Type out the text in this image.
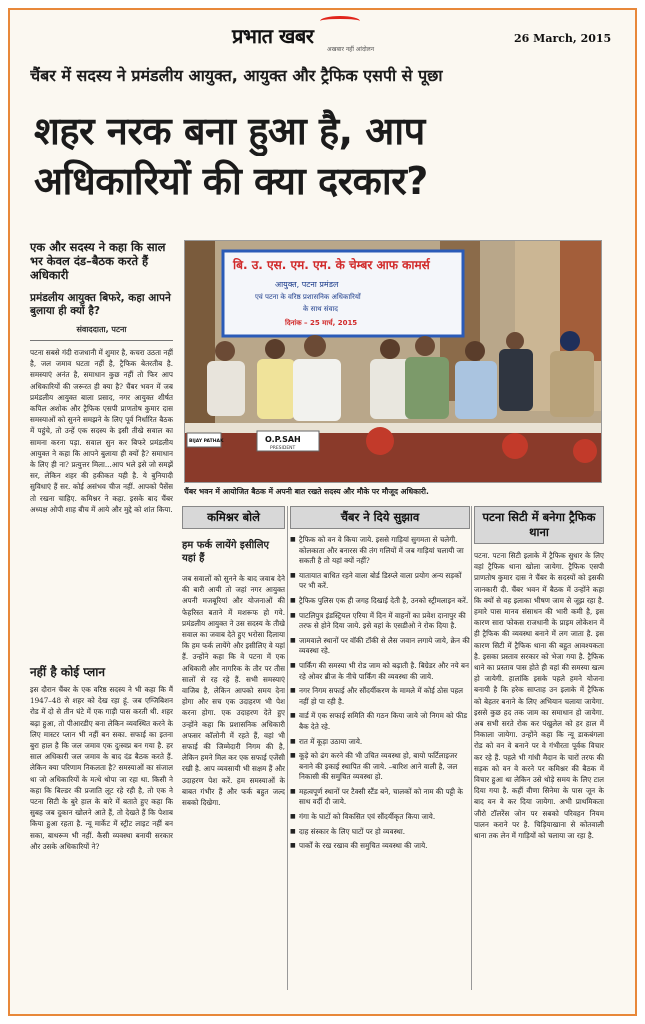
प्रभात खबर
अखबार नहीं आंदोलन
26 March, 2015
चैंबर में सदस्य ने प्रमंडलीय आयुक्त, आयुक्त और ट्रैफिक एसपी से पूछा
शहर नरक बना हुआ है, आप
अधिकारियों की क्या दरकार?
एक और सदस्य ने कहा कि साल भर केवल दंड–बैठक करते हैं अधिकारी
प्रमंडलीय आयुक्त बिफरे, कहा आपने बुलाया ही क्यों है?
संवाददाता, पटना
पटना सबसे गंदी राजधानी में शुमार है, कचरा उठता नहीं है, जल जमाव घटता नहीं है, ट्रैफिक बेतरतीब है. समस्याएं अनंत है, समाधान कुछ नहीं तो फिर आप अधिकारियों की जरूरत ही क्या है? चैंबर भवन में जब प्रमंडलीय आयुक्त बाला प्रसाद, नगर आयुक्त शीर्षत कपिल अशोक और ट्रैफिक एसपी प्राणतोष कुमार दास समस्याओं को सुनने समझने के लिए पूर्व निर्धारित बैठक में पहुंचे, तो उन्हें एक सदस्य के इसी तीखे सवाल का सामना करना पड़ा. सवाल सुन कर बिफरे प्रमंडलीय आयुक्त ने कहा कि आपने बुलाया ही क्यों है? समाधान के लिए ही ना? प्रत्युत्तर मिला...आप भले इसे जो समझें सर, लेकिन शहर की हकीकत यही है. ये बुनियादी सुविधाएं हैं सर. कोई असंभव चीज नहीं. आपको पैसेंस तो रखना चाहिए. कमिश्नर ने कहा. इसके बाद चैंबर अध्यक्ष ओपी शाह बीच में आये और मुद्दे को शांत किया.
नहीं है कोई प्लान
इस दौरान चैंबर के एक वरिष्ठ सदस्य ने भी कहा कि मैं 1947–48 से शहर को देख रहा हूं. जब एग्जिबिशन रोड में दो से तीन घंटे में एक गाड़ी पास करती थी. शहर बढ़ा हुआ, तो पीआरडीए बना लेकिन व्यवस्थित करने के लिए मास्टर प्लान भी नहीं बन सका. सफाई का इतना बुरा हाल है कि जल जमाव एक दुःस्वप्न बन गया है. हर साल अधिकारी जल जमाव के बाद दंड बैठक करते हैं. लेकिन क्या परिणाम निकलता है? समस्याओं का संजाल था जो अधिकारियों के मत्थे थोपा जा रहा था. किसी ने कहा कि बिल्डर की प्रजाति लूट रहे रही है, तो एक ने पटना सिटी के बुरे हाल के बारे में बताते हुए कहा कि सुबह जब दुकान खोलने आते हैं, तो देखते हैं कि पेशाब किया हुआ रहता है. न्यू मार्केट में स्ट्रीट लाइट नहीं बन सका, बाथरूम भी नहीं. कैसी व्यवस्था बनायी सरकार और उसके अधिकारियों ने?
बि. उ. एस. एम. एम. के चेम्बर आफ कामर्स
आयुक्त, पटना प्रमंडल
एवं पटना के वरिष्ठ प्रशासनिक अधिकारियों
के साथ संवाद
दिनांक – 25 मार्च, 2015
O.P.SAH
PRESIDENT
BIJAY PATHAK
चैंबर भवन में आयोजित बैठक में अपनी बात रखते सदस्य और मौके पर मौजूद अधिकारी.
कमिश्नर बोले
हम फर्क लायेंगे इसीलिए यहां हैं
जब सवालों को सुनने के बाद जवाब देने की बारी आयी तो जहां नगर आयुक्त अपनी मजबूरियां और योजनाओं की फेहरिस्त बताने में मशरूफ हो गये. प्रमंडलीय आयुक्त ने उस सदस्य के तीखे सवाल का जवाब देते हुए भरोसा दिलाया कि हम फर्क लायेंगे और इसीलिए वे यहां हैं. उन्होंने कहा कि वे पटना में एक अधिकारी और नागरिक के तौर पर तीस सालों से रह रहे हैं. सभी समस्याएं वाजिब है, लेकिन आपको समय देना होगा और सच एक उदाहरण भी पेश करना होगा. एक उदाहरण देते हुए उन्होंने कहा कि प्रशासनिक अधिकारी अफसर कॉलोनी में रहते हैं, वहां भी सफाई की जिम्मेदारी निगम की है, लेकिन हमने मिल कर एक सफाई एजेंसी रखी है. आप व्यवसायी भी सक्षम हैं और उदाहरण पेश करें. हम समस्याओं के बाबत गंभीर हैं और फर्क बहुत जल्द सबको दिखेगा.
चैंबर ने दिये सुझाव
■ ट्रैफिक को वन वे किया जाये. इससे गाड़ियां सुगमता से चलेगी. कोलकाता और बनारस की तंग गलियों में जब गाड़ियां चलायी जा सकती है तो यहां क्यों नहीं?
■ यातायात बाधित रहने वाला बोर्ड डिस्प्ले वाला प्रयोग अन्य सड़कों पर भी करें.
■ ट्रैफिक पुलिस एक ही जगह दिखाई देती है, उनको स्ट्रीमलाइन करें.
■ पाटलिपुत्र इंडस्ट्रियल एरिया में दिन में वाहनों का प्रवेश दानापुर की तरफ से होने दिया जाये. इसे वहां के एसडीओ ने रोक दिया है.
■ जामवाले स्थानों पर वॉकी टॉकी से लैस जवान लगाये जाये, क्रेन की व्यवस्था रहे.
■ पार्किंग की समस्या भी रोड जाम को बढ़ाती है. बिग्रेडर और नये बन रहे ओवर ब्रीज के नीचे पार्किंग की व्यवस्था की जाये.
■ नगर निगम सफाई और सौंदर्यीकरण के मामले में कोई ठोस पहल नहीं हो पा रही है.
■ वार्ड में एक सफाई समिति की गठन किया जाये जो निगम को फीड बैक देते रहे.
■ रात में कूड़ा उठाया जाये.
■ कूड़े को ढंग करने की भी उचित व्यवस्था हो, बायो फर्टिलाइजर बनाने की इकाई स्थापित की जाये. –बारिश आने वाली है, जल निकासी की समुचित व्यवस्था हो.
■ महत्वपूर्ण स्थानों पर टैक्सी स्टैंड बने, चालकों को नाम की पट्टी के साथ वर्दी दी जाये.
■ गंगा के घाटों को विकसित एवं सौंदर्यीकृत किया जाये.
■ दाह संस्कार के लिए घाटों पर हो व्यवस्था.
■ पार्कों के रख रखाव की समुचित व्यवस्था की जाये.
पटना सिटी में बनेगा ट्रैफिक थाना
पटना. पटना सिटी इलाके में ट्रैफिक सुधार के लिए वहां ट्रैफिक थाना खोला जायेगा. ट्रैफिक एसपी प्राणतोष कुमार दास ने चैंबर के सदस्यों को इसकी जानकारी दी. चैंबर भवन में बैठक में उन्होंने कहा कि क्यों से वह इलाका भीषण जाम से जूझ रहा है. हमारे पास मानव संसाधन की भारी कमी है, इस कारण सारा फोकस राजधानी के प्राइम लोकेशन में ही ट्रैफिक की व्यवस्था बनाने में लग जाता है. इस कारण सिटी में ट्रैफिक थाना की बहुत आवश्यकता है. इसका प्रस्ताव सरकार को भेजा गया है. ट्रैफिक थाने का प्रस्ताव पास होते ही वहां की समस्या खत्म हो जायेगी. हालांकि इसके पहले हमने योजना बनायी है कि हरेक साप्ताह उन इलाके में ट्रैफिक को बेहतर बनाने के लिए अभियान चलाया जायेगा. इससे कुछ हद तक जाम का समाधान हो जायेगा. अब सभी सरते रोक कर पंखुलेल को हर हाल में निकाला जायेगा. उन्होंने कहा कि न्यू डाकबंगला रोड को वन वे बनाने पर वे गंभीरता पूर्वक विचार कर रहे हैं. पहले भी गांधी मैदान के चारों तरफ की सड़क को वन वे करने पर कमिश्नर की बैठक में विचार हुआ था लेकिन उसे थोड़े समय के लिए टाल दिया गया है. कहीं वीणा सिनेमा के पास जून के बाद वन वे कर दिया जायेगा. अभी प्राथमिकता जीरो टॉलरेंस जोन पर सबको परिवहन नियम पालन कराने पर है. चिड़ियाखाना से कोतवाली थाना तक लेन में गाड़ियों को चलाया जा रहा है.
